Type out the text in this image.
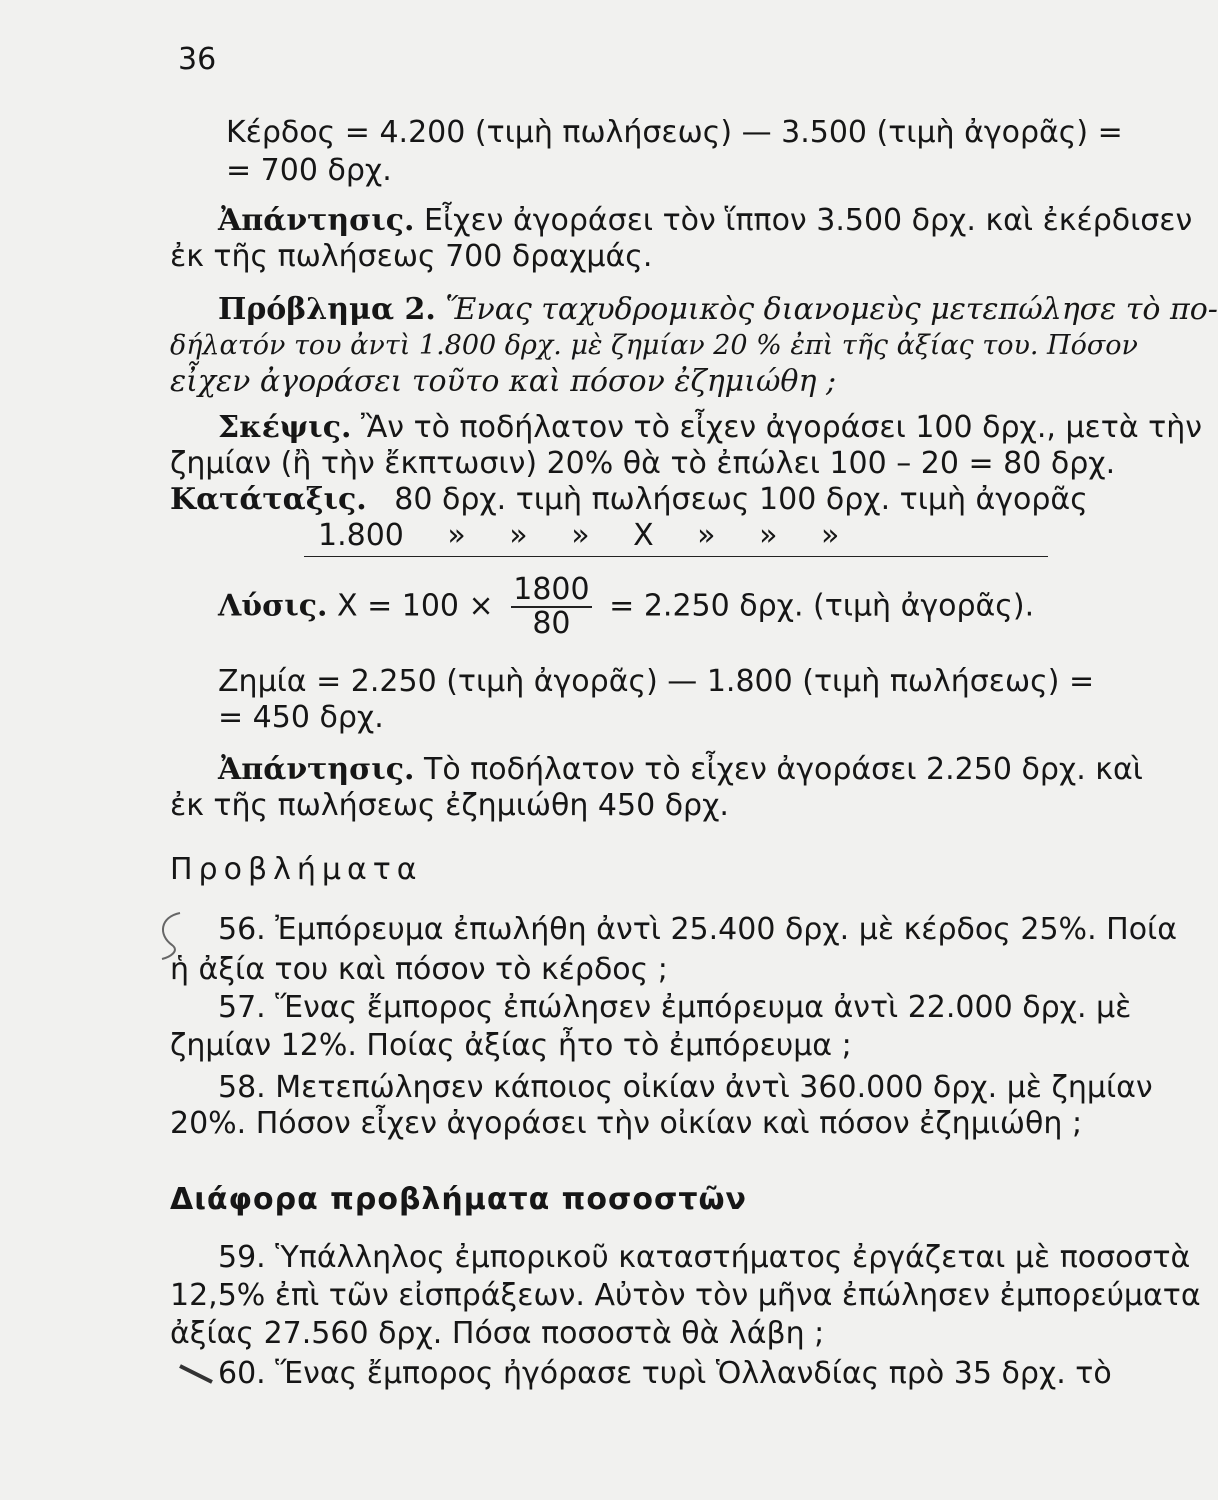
36
Κέρδος = 4.200 (τιμὴ πωλήσεως) — 3.500 (τιμὴ ἀγορᾶς) =
= 700 δρχ.
Ἀπάντησις. Εἶχεν ἀγοράσει τὸν ἵππον 3.500 δρχ. καὶ ἐκέρδισεν
ἐκ τῆς πωλήσεως 700 δραχμάς.
Πρόβλημα 2. Ἕνας ταχυδρομικὸς διανομεὺς μετεπώλησε τὸ πο-
δήλατόν του ἀντὶ 1.800 δρχ. μὲ ζημίαν 20 % ἐπὶ τῆς ἀξίας του. Πόσον
εἶχεν ἀγοράσει τοῦτο καὶ πόσον ἐζημιώθη ;
Σκέψις. Ἂν τὸ ποδήλατον τὸ εἶχεν ἀγοράσει 100 δρχ., μετὰ τὴν
ζημίαν (ἢ τὴν ἔκπτωσιν) 20% θὰ τὸ ἐπώλει 100 – 20 = 80 δρχ.
Κατάταξις. 80 δρχ. τιμὴ πωλήσεως 100 δρχ. τιμὴ ἀγορᾶς
1.800 » » » Χ » » »
Λύσις. $X = 100 \times \frac{1800}{80} = 2.250$ δρχ. (τιμὴ ἀγορᾶς).
Ζημία = 2.250 (τιμὴ ἀγορᾶς) — 1.800 (τιμὴ πωλήσεως) =
= 450 δρχ.
Ἀπάντησις. Τὸ ποδήλατον τὸ εἶχεν ἀγοράσει 2.250 δρχ. καὶ
ἐκ τῆς πωλήσεως ἐζημιώθη 450 δρχ.
Προβλήματα
56. Ἐμπόρευμα ἐπωλήθη ἀντὶ 25.400 δρχ. μὲ κέρδος 25%. Ποία
ἡ ἀξία του καὶ πόσον τὸ κέρδος ;
57. Ἕνας ἔμπορος ἐπώλησεν ἐμπόρευμα ἀντὶ 22.000 δρχ. μὲ
ζημίαν 12%. Ποίας ἀξίας ἦτο τὸ ἐμπόρευμα ;
58. Μετεπώλησεν κάποιος οἰκίαν ἀντὶ 360.000 δρχ. μὲ ζημίαν
20%. Πόσον εἶχεν ἀγοράσει τὴν οἰκίαν καὶ πόσον ἐζημιώθη ;
Διάφορα προβλήματα ποσοστῶν
59. Ὑπάλληλος ἐμπορικοῦ καταστήματος ἐργάζεται μὲ ποσοστὰ
12,5% ἐπὶ τῶν εἰσπράξεων. Αὐτὸν τὸν μῆνα ἐπώλησεν ἐμπορεύματα
ἀξίας 27.560 δρχ. Πόσα ποσοστὰ θὰ λάβη ;
60. Ἕνας ἔμπορος ἠγόρασε τυρὶ Ὁλλανδίας πρὸ 35 δρχ. τὸ
